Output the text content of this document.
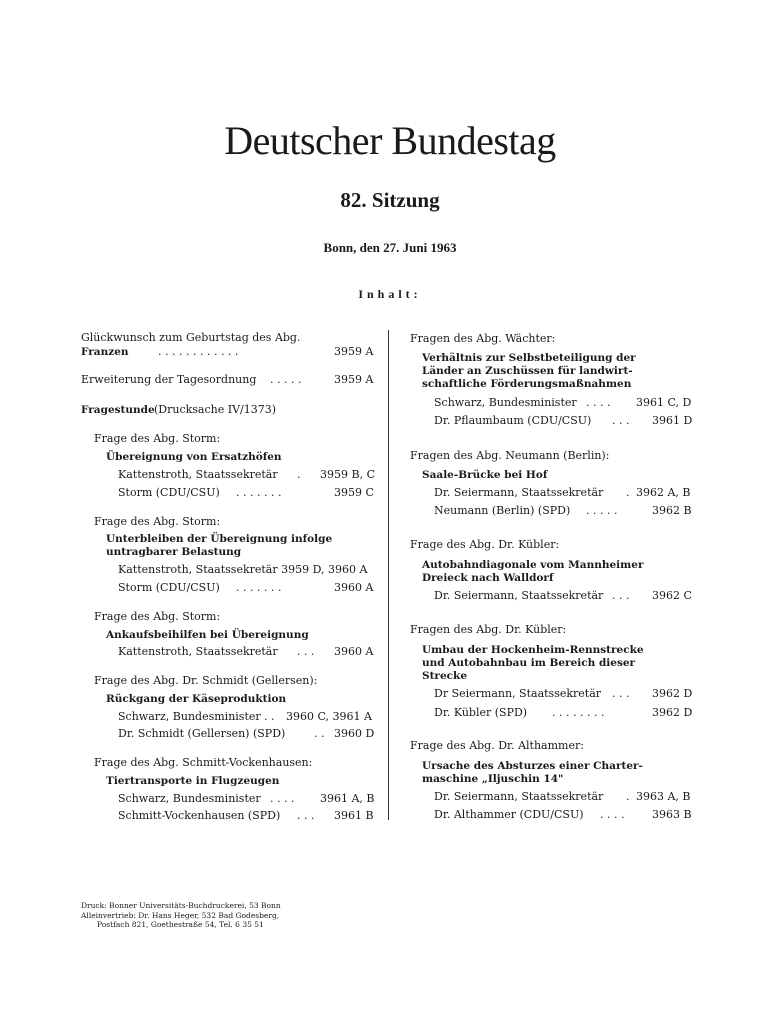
Deutscher Bundestag
82. Sitzung
Bonn, den 27. Juni 1963
Inhalt:
Glückwunsch zum Geburtstag des Abg.
Franzen	. . . . . . . . . . . .	3959 A
Erweiterung der Tagesordnung . . . . .	3959 A
Fragestunde (Drucksache IV/1373)
Frage des Abg. Storm:
Übereignung von Ersatzhöfen
Kattenstroth, Staatssekretär . 3959 B, C
Storm (CDU/CSU) . . . . . . .	3959 C
Frage des Abg. Storm:
Unterbleiben der Übereignung infolge
untragbarer Belastung
Kattenstroth, Staatssekretär 3959 D, 3960 A
Storm (CDU/CSU) . . . . . . .	3960 A
Frage des Abg. Storm:
Ankaufsbeihilfen bei Übereignung
Kattenstroth, Staatssekretär . . . 3960 A
Frage des Abg. Dr. Schmidt (Gellersen):
Rückgang der Käseproduktion
Schwarz, Bundesminister . . 3960 C, 3961 A
Dr. Schmidt (Gellersen) (SPD)	. . 3960 D
Frage des Abg. Schmitt-Vockenhausen:
Tiertransporte in Flugzeugen
Schwarz, Bundesminister . . . . 3961 A, B
Schmitt-Vockenhausen (SPD) . . . 3961 B
Fragen des Abg. Wächter:
Verhältnis zur Selbstbeteiligung der
Länder an Zuschüssen für landwirt-
schaftliche Förderungsmaßnahmen
Schwarz, Bundesminister . . . . 3961 C, D
Dr. Pflaumbaum (CDU/CSU) . . . 3961 D
Fragen des Abg. Neumann (Berlin):
Saale-Brücke bei Hof
Dr. Seiermann, Staatssekretär . 3962 A, B
Neumann (Berlin) (SPD) . . . . .	3962 B
Frage des Abg. Dr. Kübler:
Autobahndiagonale vom Mannheimer
Dreieck nach Walldorf
Dr. Seiermann, Staatssekretär . . . 3962 C
Fragen des Abg. Dr. Kübler:
Umbau der Hockenheim-Rennstrecke
und Autobahnbau im Bereich dieser
Strecke
Dr Seiermann, Staatssekretär . . . 3962 D
Dr. Kübler (SPD) . . . . . . . .	3962 D
Frage des Abg. Dr. Althammer:
Ursache des Absturzes einer Charter-
maschine „Iljuschin 14"
Dr. Seiermann, Staatssekretär . 3963 A, B
Dr. Althammer (CDU/CSU) . . . .	3963 B
Druck: Bonner Universitäts-Buchdruckerei, 53 Bonn
Alleinvertrieb: Dr. Hans Heger, 532 Bad Godesberg,
Postfach 821, Goethestraße 54, Tel. 6 35 51
